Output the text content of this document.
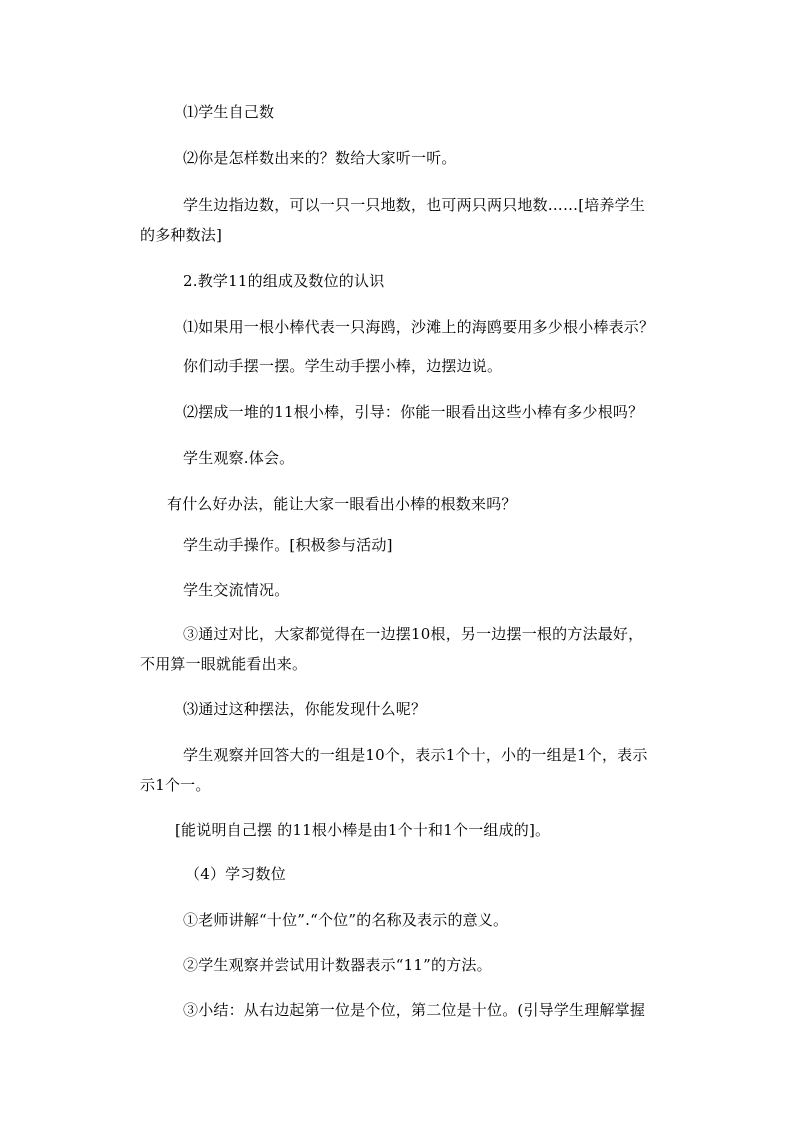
⑴学生自己数
⑵你是怎样数出来的？数给大家听一听。
学生边指边数，可以一只一只地数，也可两只两只地数……[培养学生
的多种数法]
2.教学11的组成及数位的认识
⑴如果用一根小棒代表一只海鸥，沙滩上的海鸥要用多少根小棒表示？
你们动手摆一摆。学生动手摆小棒，边摆边说。
⑵摆成一堆的11根小棒，引导：你能一眼看出这些小棒有多少根吗？
学生观察.体会。
有什么好办法，能让大家一眼看出小棒的根数来吗？
学生动手操作。[积极参与活动]
学生交流情况。
③通过对比，大家都觉得在一边摆10根，另一边摆一根的方法最好，
不用算一眼就能看出来。
⑶通过这种摆法，你能发现什么呢？
学生观察并回答大的一组是10个，表示1个十，小的一组是1个，表示
示1个一。
[能说明自己摆 的11根小棒是由1个十和1个一组成的]。
（4）学习数位
①老师讲解“十位”.“个位”的名称及表示的意义。
②学生观察并尝试用计数器表示“11”的方法。
③小结：从右边起第一位是个位，第二位是十位。(引导学生理解掌握
